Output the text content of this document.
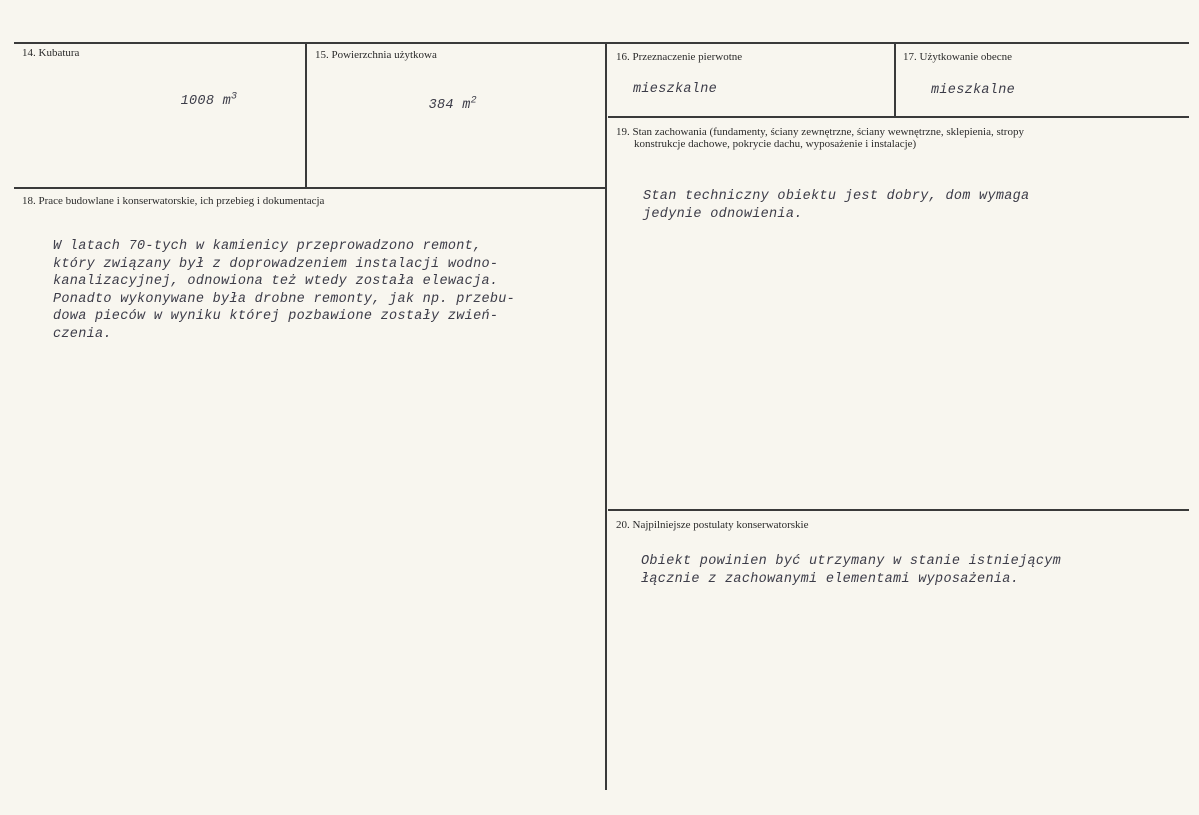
14. Kubatura

1008 $m^3$

15. Powierzchnia użytkowa

384 $m^2$

16. Przeznaczenie pierwotne
mieszkalne
17. Użytkowanie obecne
mieszkalne
18. Prace budowlane i konserwatorskie, ich przebieg i dokumentacja
W latach 70-tych w kamienicy przeprowadzono remont,
który związany był z doprowadzeniem instalacji wodno-
kanalizacyjnej, odnowiona też wtedy została elewacja.
Ponadto wykonywane była drobne remonty, jak np. przebu-
dowa pieców w wyniku której pozbawione zostały zwień-
czenia.
19. Stan zachowania (fundamenty, ściany zewnętrzne, ściany wewnętrzne, sklepienia, stropy
konstrukcje dachowe, pokrycie dachu, wyposażenie i instalacje)
Stan techniczny obiektu jest dobry, dom wymaga
jedynie odnowienia.
20. Najpilniejsze postulaty konserwatorskie
Obiekt powinien być utrzymany w stanie istniejącym
łącznie z zachowanymi elementami wyposażenia.
